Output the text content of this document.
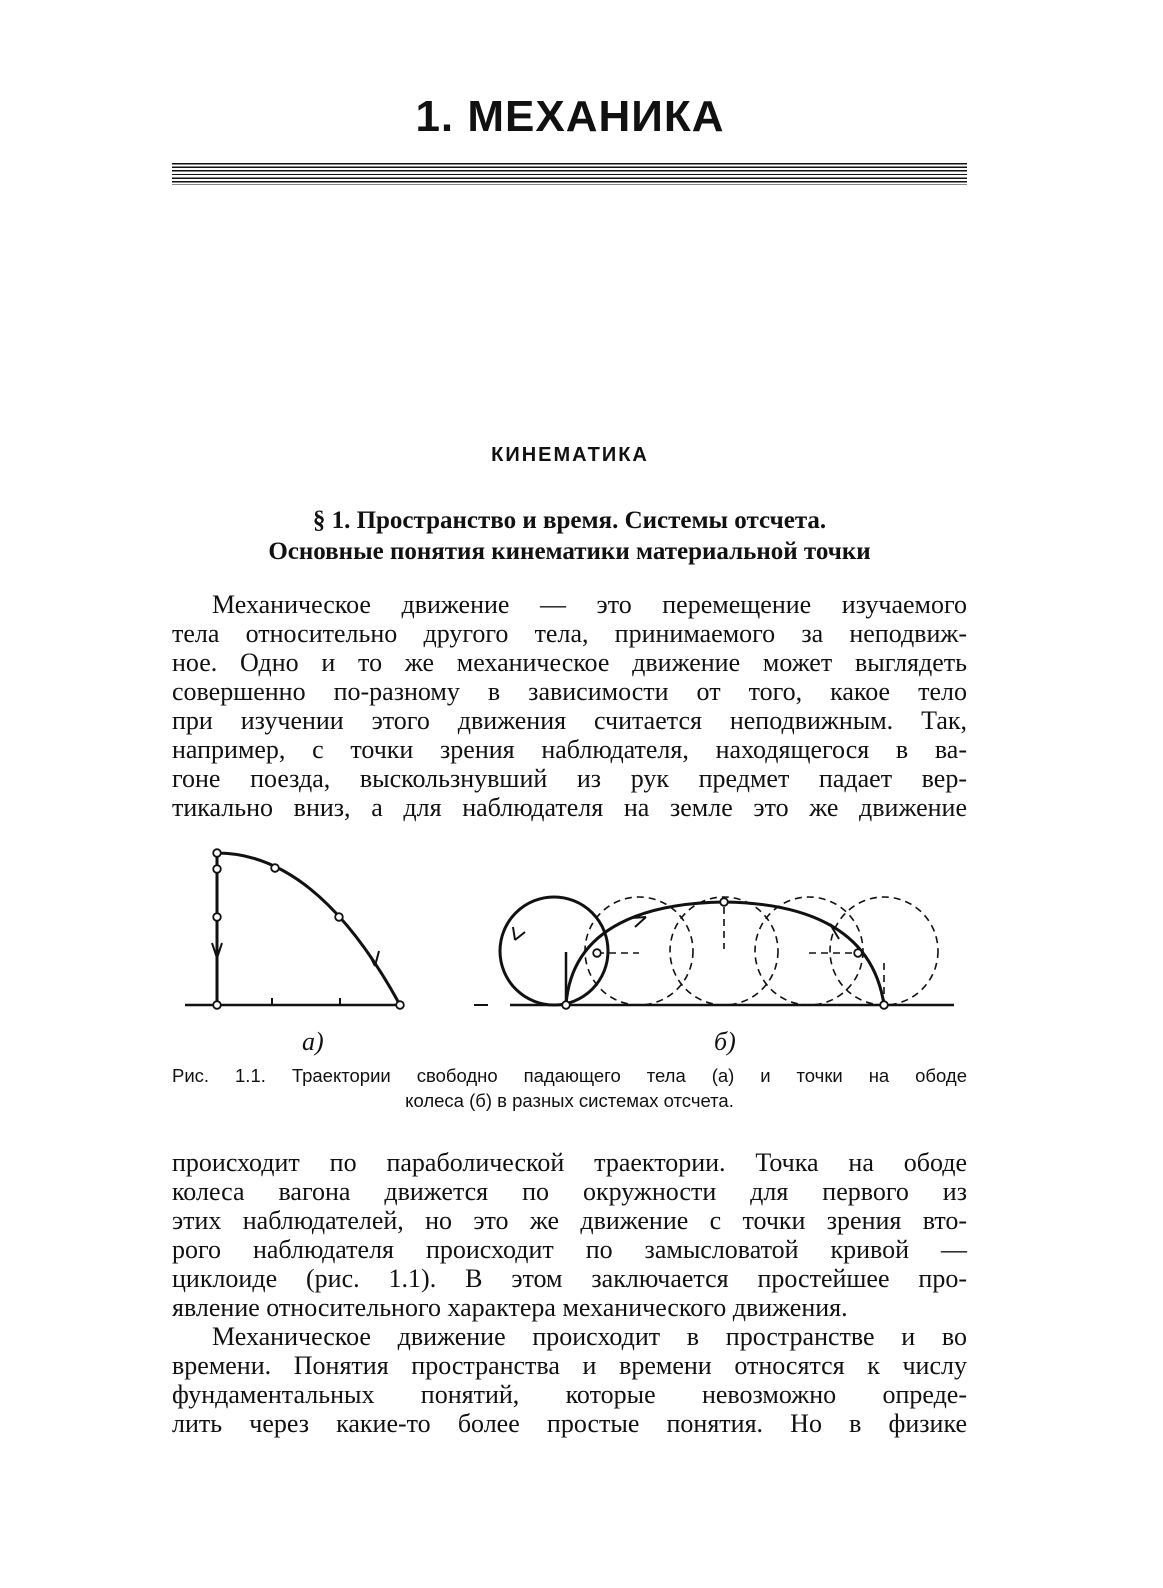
1. МЕХАНИКА
КИНЕМАТИКА
§ 1. Пространство и время. Системы отсчета.
Основные понятия кинематики материальной точки
Механическое движение — это перемещение изучаемого
тела относительно другого тела, принимаемого за неподвиж-
ное. Одно и то же механическое движение может выглядеть
совершенно по-разному в зависимости от того, какое тело
при изучении этого движения считается неподвижным. Так,
например, с точки зрения наблюдателя, находящегося в ва-
гоне поезда, выскользнувший из рук предмет падает вер-
тикально вниз, а для наблюдателя на земле это же движение
а)	б)
Рис. 1.1. Траектории свободно падающего тела (а) и точки на ободе
колеса (б) в разных системах отсчета.
происходит по параболической траектории. Точка на ободе
колеса вагона движется по окружности для первого из
этих наблюдателей, но это же движение с точки зрения вто-
рого наблюдателя происходит по замысловатой кривой —
циклоиде (рис. 1.1). В этом заключается простейшее про-
явление относительного характера механического движения.
Механическое движение происходит в пространстве и во
времени. Понятия пространства и времени относятся к числу
фундаментальных понятий, которые невозможно опреде-
лить через какие-то более простые понятия. Но в физике
